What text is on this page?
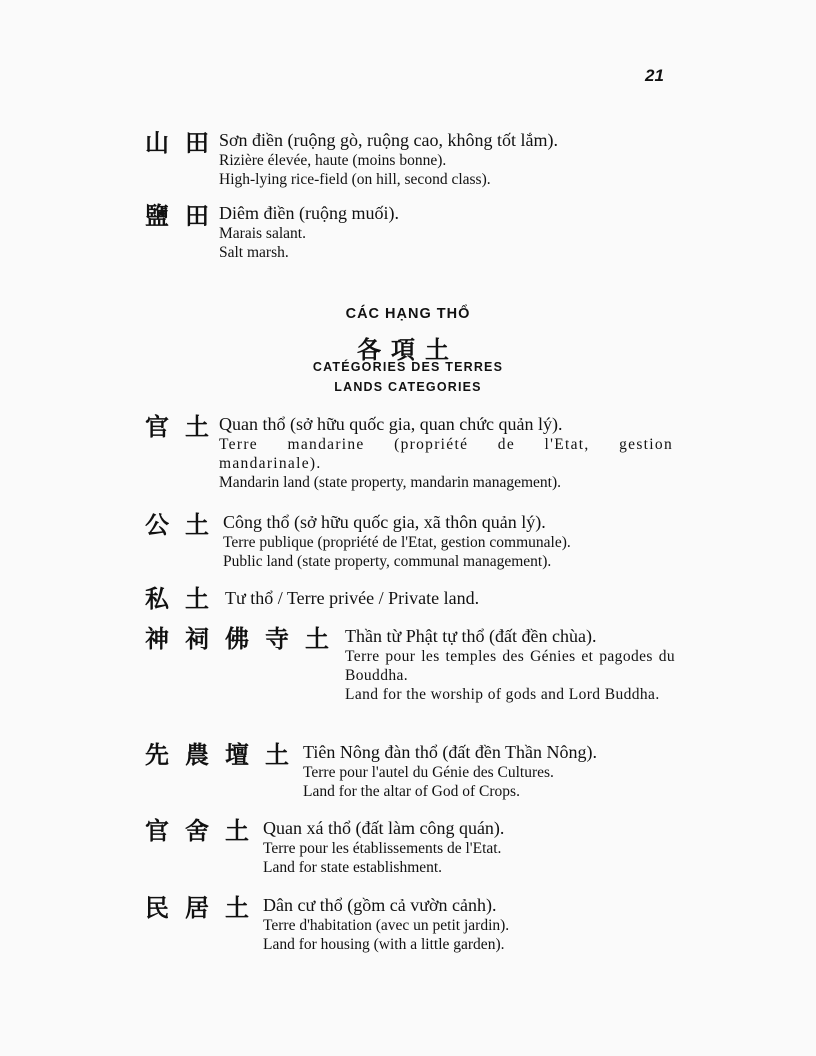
21
山 田 Sơn điền (ruộng gò, ruộng cao, không tốt lắm).
Rizière élevée, haute (moins bonne).
High-lying rice-field (on hill, second class).
鹽 田 Diêm điền (ruộng muối).
Marais salant.
Salt marsh.
CÁC HẠNG THỔ
各項土
CATÉGORIES DES TERRES
LANDS CATEGORIES
官 土 Quan thổ (sở hữu quốc gia, quan chức quản lý).
Terre mandarine (propriété de l'Etat, gestion mandarinale).
Mandarin land (state property, mandarin management).
公 土 Công thổ (sở hữu quốc gia, xã thôn quản lý).
Terre publique (propriété de l'Etat, gestion communale).
Public land (state property, communal management).
私 土 Tư thổ / Terre privée / Private land.
神 祠 佛 寺 土 Thần từ Phật tự thổ (đất đền chùa).
Terre pour les temples des Génies et pagodes du Bouddha.
Land for the worship of gods and Lord Buddha.
先 農 壇 土 Tiên Nông đàn thổ (đất đền Thần Nông).
Terre pour l'autel du Génie des Cultures.
Land for the altar of God of Crops.
官 舍 土 Quan xá thổ (đất làm công quán).
Terre pour les établissements de l'Etat.
Land for state establishment.
民 居 土 Dân cư thổ (gồm cả vườn cảnh).
Terre d'habitation (avec un petit jardin).
Land for housing (with a little garden).
